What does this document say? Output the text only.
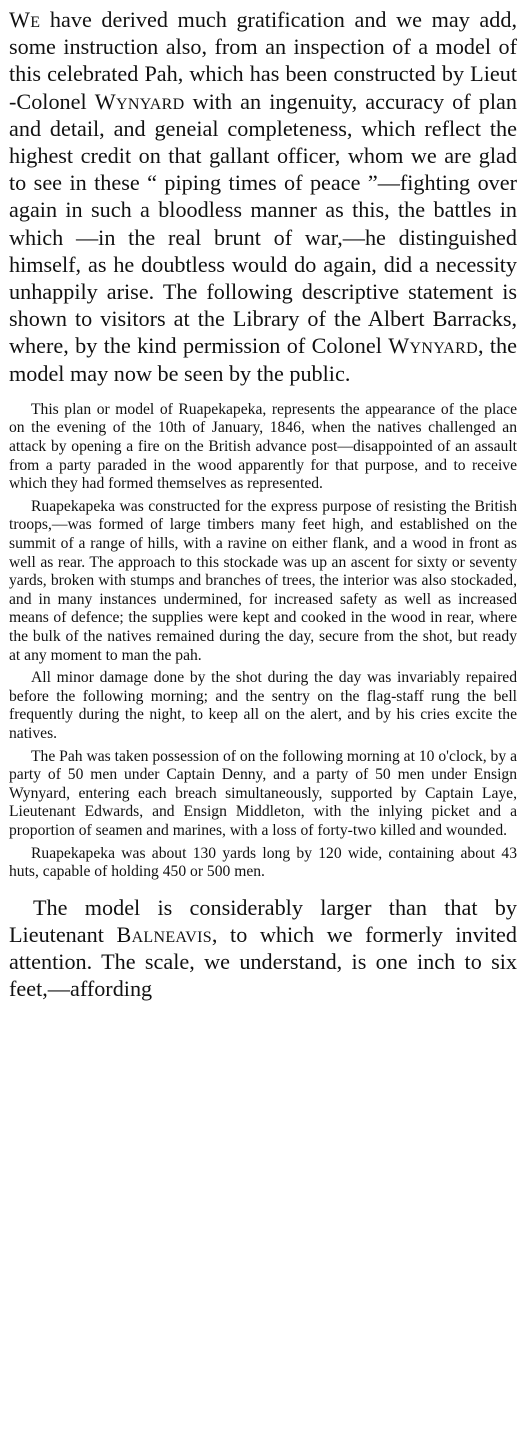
We have derived much gratification and we may add, some instruction also, from an inspection of a model of this celebrated Pah, which has been constructed by Lieut -Colonel Wynyard with an ingenuity, accuracy of plan and detail, and geneial completeness, which reflect the highest credit on that gallant officer, whom we are glad to see in these “ piping times of peace ”—fighting over again in such a bloodless manner as this, the battles in which —in the real brunt of war,—he distinguished himself, as he doubtless would do again, did a necessity unhappily arise. The following descriptive statement is shown to visitors at the Library of the Albert Barracks, where, by the kind permission of Colonel Wynyard, the model may now be seen by the public.

This plan or model of Ruapekapeka, represents the appearance of the place on the evening of the 10th of January, 1846, when the natives challenged an attack by opening a fire on the British advance post—disappointed of an assault from a party paraded in the wood apparently for that purpose, and to receive which they had formed themselves as represented.

Ruapekapeka was constructed for the express purpose of resisting the British troops,—was formed of large timbers many feet high, and established on the summit of a range of hills, with a ravine on either flank, and a wood in front as well as rear. The approach to this stockade was up an ascent for sixty or seventy yards, broken with stumps and branches of trees, the interior was also stockaded, and in many instances undermined, for increased safety as well as increased means of defence; the supplies were kept and cooked in the wood in rear, where the bulk of the natives remained during the day, secure from the shot, but ready at any moment to man the pah.

All minor damage done by the shot during the day was invariably repaired before the following morning; and the sentry on the flag-staff rung the bell frequently during the night, to keep all on the alert, and by his cries excite the natives.

The Pah was taken possession of on the following morning at 10 o'clock, by a party of 50 men under Captain Denny, and a party of 50 men under Ensign Wynyard, entering each breach simultaneously, supported by Captain Laye, Lieutenant Edwards, and Ensign Middleton, with the inlying picket and a proportion of seamen and marines, with a loss of forty-two killed and wounded.

Ruapekapeka was about 130 yards long by 120 wide, containing about 43 huts, capable of holding 450 or 500 men.

The model is considerably larger than that by Lieutenant Balneavis, to which we formerly invited attention. The scale, we understand, is one inch to six feet,—affording
